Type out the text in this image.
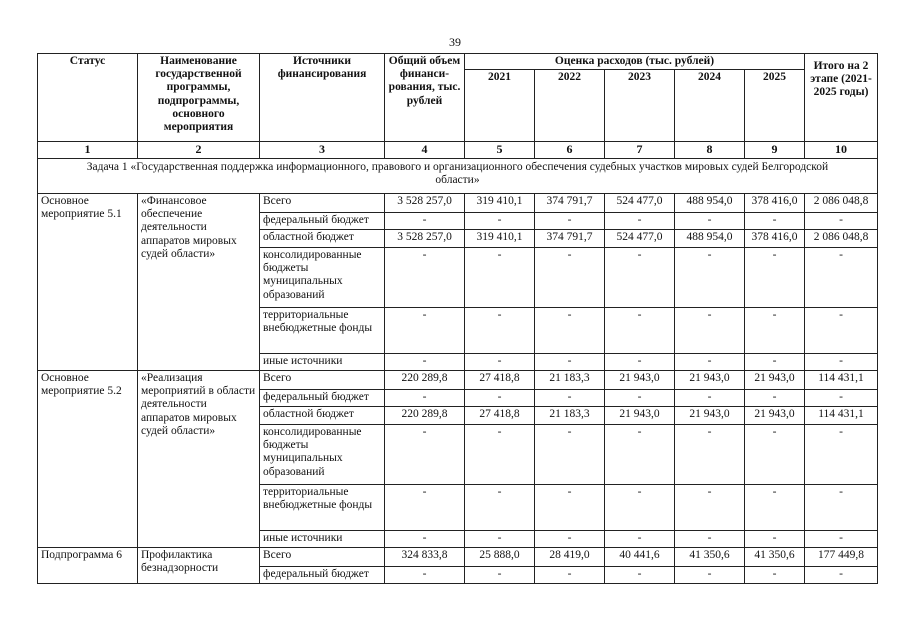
39
Статус	Наименование государственной программы, подпрограммы, основного мероприятия	Источники финансирования	Общий объем финанси-рования, тыс. рублей	Оценка расходов (тыс. рублей)					Итого на 2 этапе (2021-2025 годы)
				2021	2022	2023	2024	2025	
1	2	3	4	5	6	7	8	9	10
Задача 1 «Государственная поддержка информационного, правового и организационного обеспечения судебных участков мировых судей Белгородской области»									
Основное мероприятие 5.1	«Финансовое обеспечение деятельности аппаратов мировых судей области»	Всего	3 528 257,0	319 410,1	374 791,7	524 477,0	488 954,0	378 416,0	2 086 048,8
		федеральный бюджет	-	-	-	-	-	-	-
		областной бюджет	3 528 257,0	319 410,1	374 791,7	524 477,0	488 954,0	378 416,0	2 086 048,8
		консолидированные бюджеты муниципальных образований	-	-	-	-	-	-	-
		территориальные внебюджетные фонды	-	-	-	-	-	-	-
		иные источники	-	-	-	-	-	-	-
Основное мероприятие 5.2	«Реализация мероприятий в области деятельности аппаратов мировых судей области»	Всего	220 289,8	27 418,8	21 183,3	21 943,0	21 943,0	21 943,0	114 431,1
		федеральный бюджет	-	-	-	-	-	-	-
		областной бюджет	220 289,8	27 418,8	21 183,3	21 943,0	21 943,0	21 943,0	114 431,1
		консолидированные бюджеты муниципальных образований	-	-	-	-	-	-	-
		территориальные внебюджетные фонды	-	-	-	-	-	-	-
		иные источники	-	-	-	-	-	-	-
Подпрограмма 6	Профилактика безнадзорности	Всего	324 833,8	25 888,0	28 419,0	40 441,6	41 350,6	41 350,6	177 449,8
		федеральный бюджет	-	-	-	-	-	-	-
